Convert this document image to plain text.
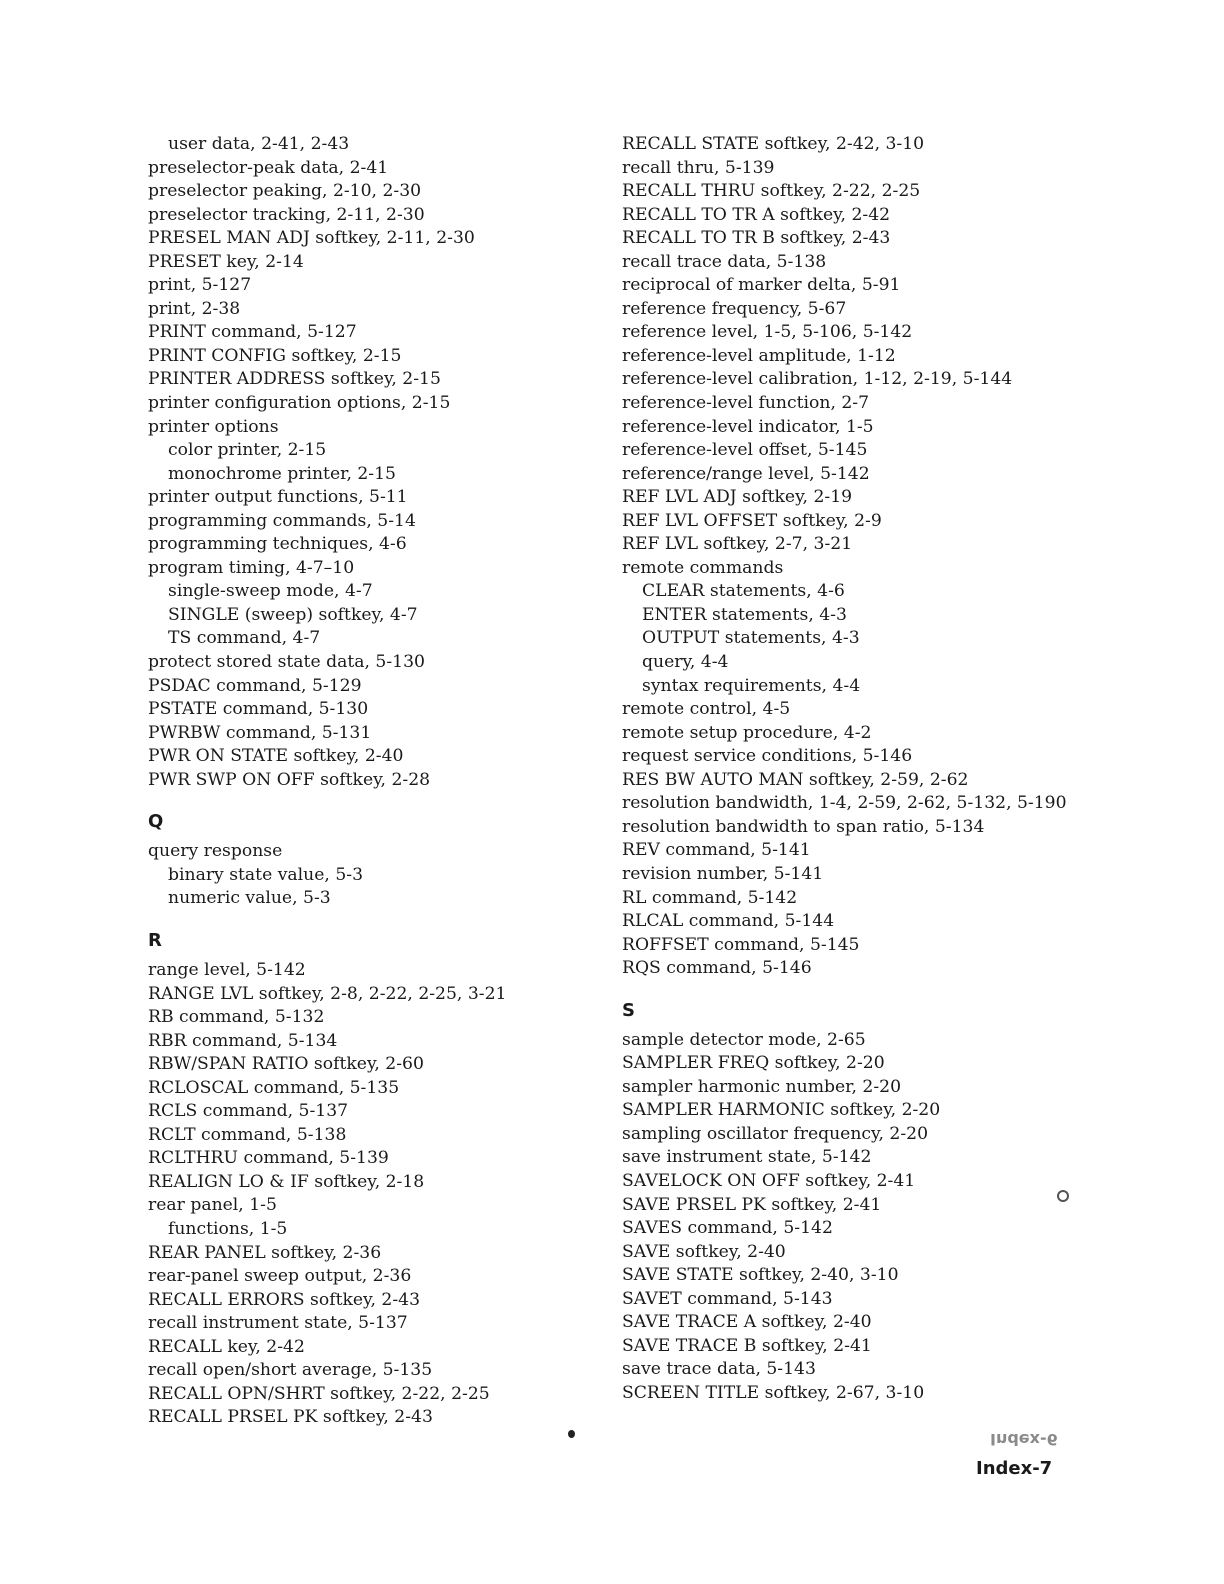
user data, 2-41, 2-43
preselector-peak data, 2-41
preselector peaking, 2-10, 2-30
preselector tracking, 2-11, 2-30
PRESEL MAN ADJ softkey, 2-11, 2-30
PRESET key, 2-14
print, 5-127
print, 2-38
PRINT command, 5-127
PRINT CONFIG softkey, 2-15
PRINTER ADDRESS softkey, 2-15
printer configuration options, 2-15
printer options
color printer, 2-15
monochrome printer, 2-15
printer output functions, 5-11
programming commands, 5-14
programming techniques, 4-6
program timing, 4-7–10
single-sweep mode, 4-7
SINGLE (sweep) softkey, 4-7
TS command, 4-7
protect stored state data, 5-130
PSDAC command, 5-129
PSTATE command, 5-130
PWRBW command, 5-131
PWR ON STATE softkey, 2-40
PWR SWP ON OFF softkey, 2-28
Q
query response
binary state value, 5-3
numeric value, 5-3
R
range level, 5-142
RANGE LVL softkey, 2-8, 2-22, 2-25, 3-21
RB command, 5-132
RBR command, 5-134
RBW/SPAN RATIO softkey, 2-60
RCLOSCAL command, 5-135
RCLS command, 5-137
RCLT command, 5-138
RCLTHRU command, 5-139
REALIGN LO & IF softkey, 2-18
rear panel, 1-5
functions, 1-5
REAR PANEL softkey, 2-36
rear-panel sweep output, 2-36
RECALL ERRORS softkey, 2-43
recall instrument state, 5-137
RECALL key, 2-42
recall open/short average, 5-135
RECALL OPN/SHRT softkey, 2-22, 2-25
RECALL PRSEL PK softkey, 2-43
RECALL STATE softkey, 2-42, 3-10
recall thru, 5-139
RECALL THRU softkey, 2-22, 2-25
RECALL TO TR A softkey, 2-42
RECALL TO TR B softkey, 2-43
recall trace data, 5-138
reciprocal of marker delta, 5-91
reference frequency, 5-67
reference level, 1-5, 5-106, 5-142
reference-level amplitude, 1-12
reference-level calibration, 1-12, 2-19, 5-144
reference-level function, 2-7
reference-level indicator, 1-5
reference-level offset, 5-145
reference/range level, 5-142
REF LVL ADJ softkey, 2-19
REF LVL OFFSET softkey, 2-9
REF LVL softkey, 2-7, 3-21
remote commands
CLEAR statements, 4-6
ENTER statements, 4-3
OUTPUT statements, 4-3
query, 4-4
syntax requirements, 4-4
remote control, 4-5
remote setup procedure, 4-2
request service conditions, 5-146
RES BW AUTO MAN softkey, 2-59, 2-62
resolution bandwidth, 1-4, 2-59, 2-62, 5-132, 5-190
resolution bandwidth to span ratio, 5-134
REV command, 5-141
revision number, 5-141
RL command, 5-142
RLCAL command, 5-144
ROFFSET command, 5-145
RQS command, 5-146
S
sample detector mode, 2-65
SAMPLER FREQ softkey, 2-20
sampler harmonic number, 2-20
SAMPLER HARMONIC softkey, 2-20
sampling oscillator frequency, 2-20
save instrument state, 5-142
SAVELOCK ON OFF softkey, 2-41
SAVE PRSEL PK softkey, 2-41
SAVES command, 5-142
SAVE softkey, 2-40
SAVE STATE softkey, 2-40, 3-10
SAVET command, 5-143
SAVE TRACE A softkey, 2-40
SAVE TRACE B softkey, 2-41
save trace data, 5-143
SCREEN TITLE softkey, 2-67, 3-10
Index-6
Index-7
